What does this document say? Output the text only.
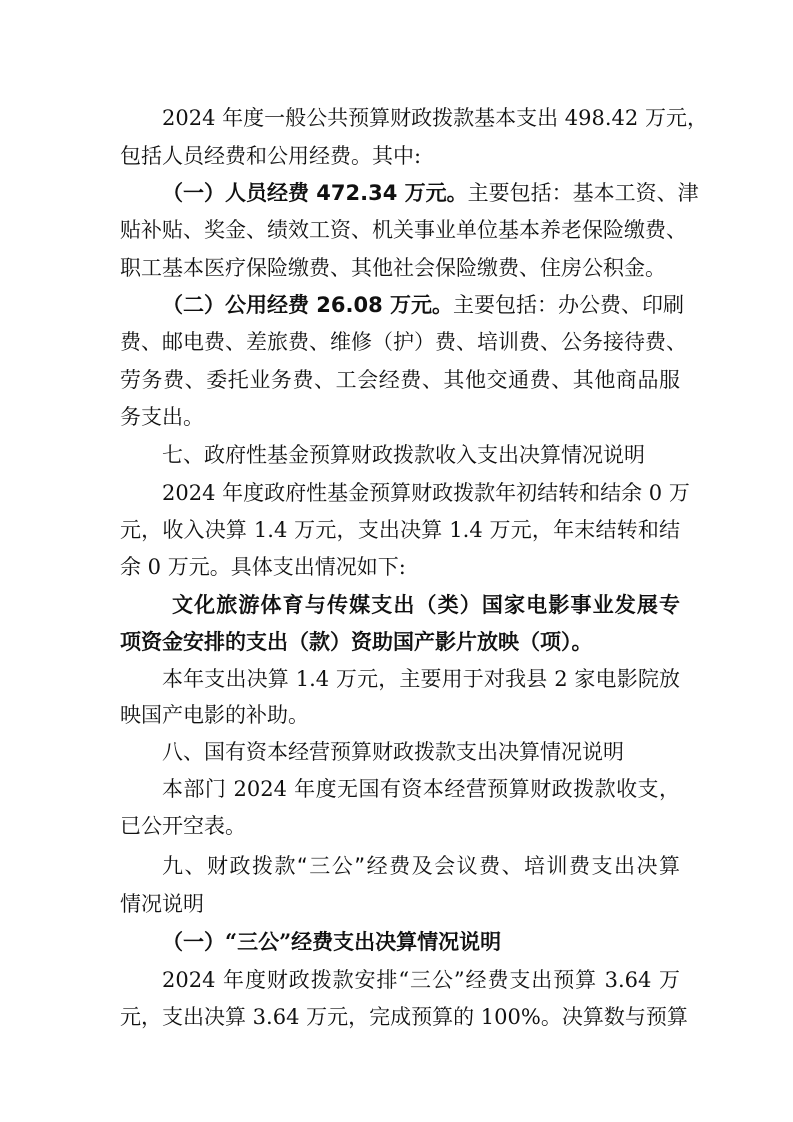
2024 年度一般公共预算财政拨款基本支出 498.42 万元，
包括人员经费和公用经费。其中:
（一）人员经费 472.34 万元。主要包括：基本工资、津
贴补贴、奖金、绩效工资、机关事业单位基本养老保险缴费、
职工基本医疗保险缴费、其他社会保险缴费、住房公积金。
（二）公用经费 26.08 万元。主要包括：办公费、印刷
费、邮电费、差旅费、维修（护）费、培训费、公务接待费、
劳务费、委托业务费、工会经费、其他交通费、其他商品服
务支出。
七、政府性基金预算财政拨款收入支出决算情况说明
2024 年度政府性基金预算财政拨款年初结转和结余 0 万
元，收入决算 1.4 万元，支出决算 1.4 万元，年末结转和结
余 0 万元。具体支出情况如下:
文化旅游体育与传媒支出（类）国家电影事业发展专
项资金安排的支出（款）资助国产影片放映（项）。
本年支出决算 1.4 万元，主要用于对我县 2 家电影院放
映国产电影的补助。
八、国有资本经营预算财政拨款支出决算情况说明
本部门 2024 年度无国有资本经营预算财政拨款收支，
已公开空表。
九、财政拨款“三公”经费及会议费、培训费支出决算
情况说明
（一）“三公”经费支出决算情况说明
2024 年度财政拨款安排“三公”经费支出预算 3.64 万
元，支出决算 3.64 万元，完成预算的 100%。决算数与预算
